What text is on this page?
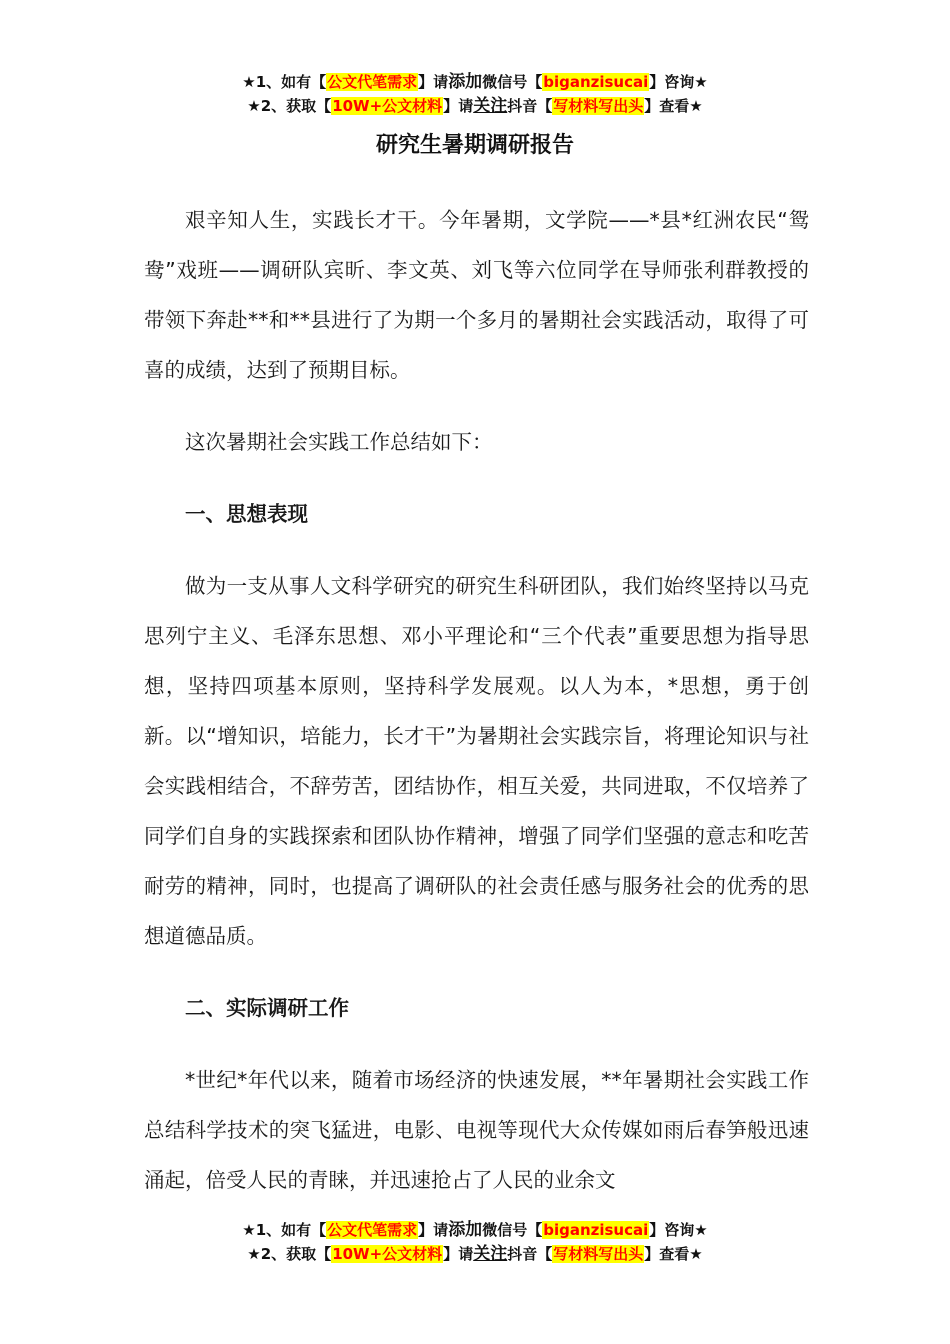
★1、如有【公文代笔需求】请添加微信号【biganzisucai】咨询★
★2、获取【10W+公文材料】请关注抖音【写材料写出头】查看★
研究生暑期调研报告

艰辛知人生，实践长才干。今年暑期，文学院——*县*红洲农民“鸳鸯”戏班——调研队宾昕、李文英、刘飞等六位同学在导师张利群教授的带领下奔赴**和**县进行了为期一个多月的暑期社会实践活动，取得了可喜的成绩，达到了预期目标。

这次暑期社会实践工作总结如下：

一、思想表现

做为一支从事人文科学研究的研究生科研团队，我们始终坚持以马克思列宁主义、毛泽东思想、邓小平理论和“三个代表”重要思想为指导思想，坚持四项基本原则，坚持科学发展观。以人为本，*思想，勇于创新。以“增知识，培能力，长才干”为暑期社会实践宗旨，将理论知识与社会实践相结合，不辞劳苦，团结协作，相互关爱，共同进取，不仅培养了同学们自身的实践探索和团队协作精神，增强了同学们坚强的意志和吃苦耐劳的精神，同时，也提高了调研队的社会责任感与服务社会的优秀的思想道德品质。

二、实际调研工作

*世纪*年代以来，随着市场经济的快速发展，**年暑期社会实践工作总结科学技术的突飞猛进，电影、电视等现代大众传媒如雨后春笋般迅速涌起，倍受人民的青睐，并迅速抢占了人民的业余文

★1、如有【公文代笔需求】请添加微信号【biganzisucai】咨询★
★2、获取【10W+公文材料】请关注抖音【写材料写出头】查看★
